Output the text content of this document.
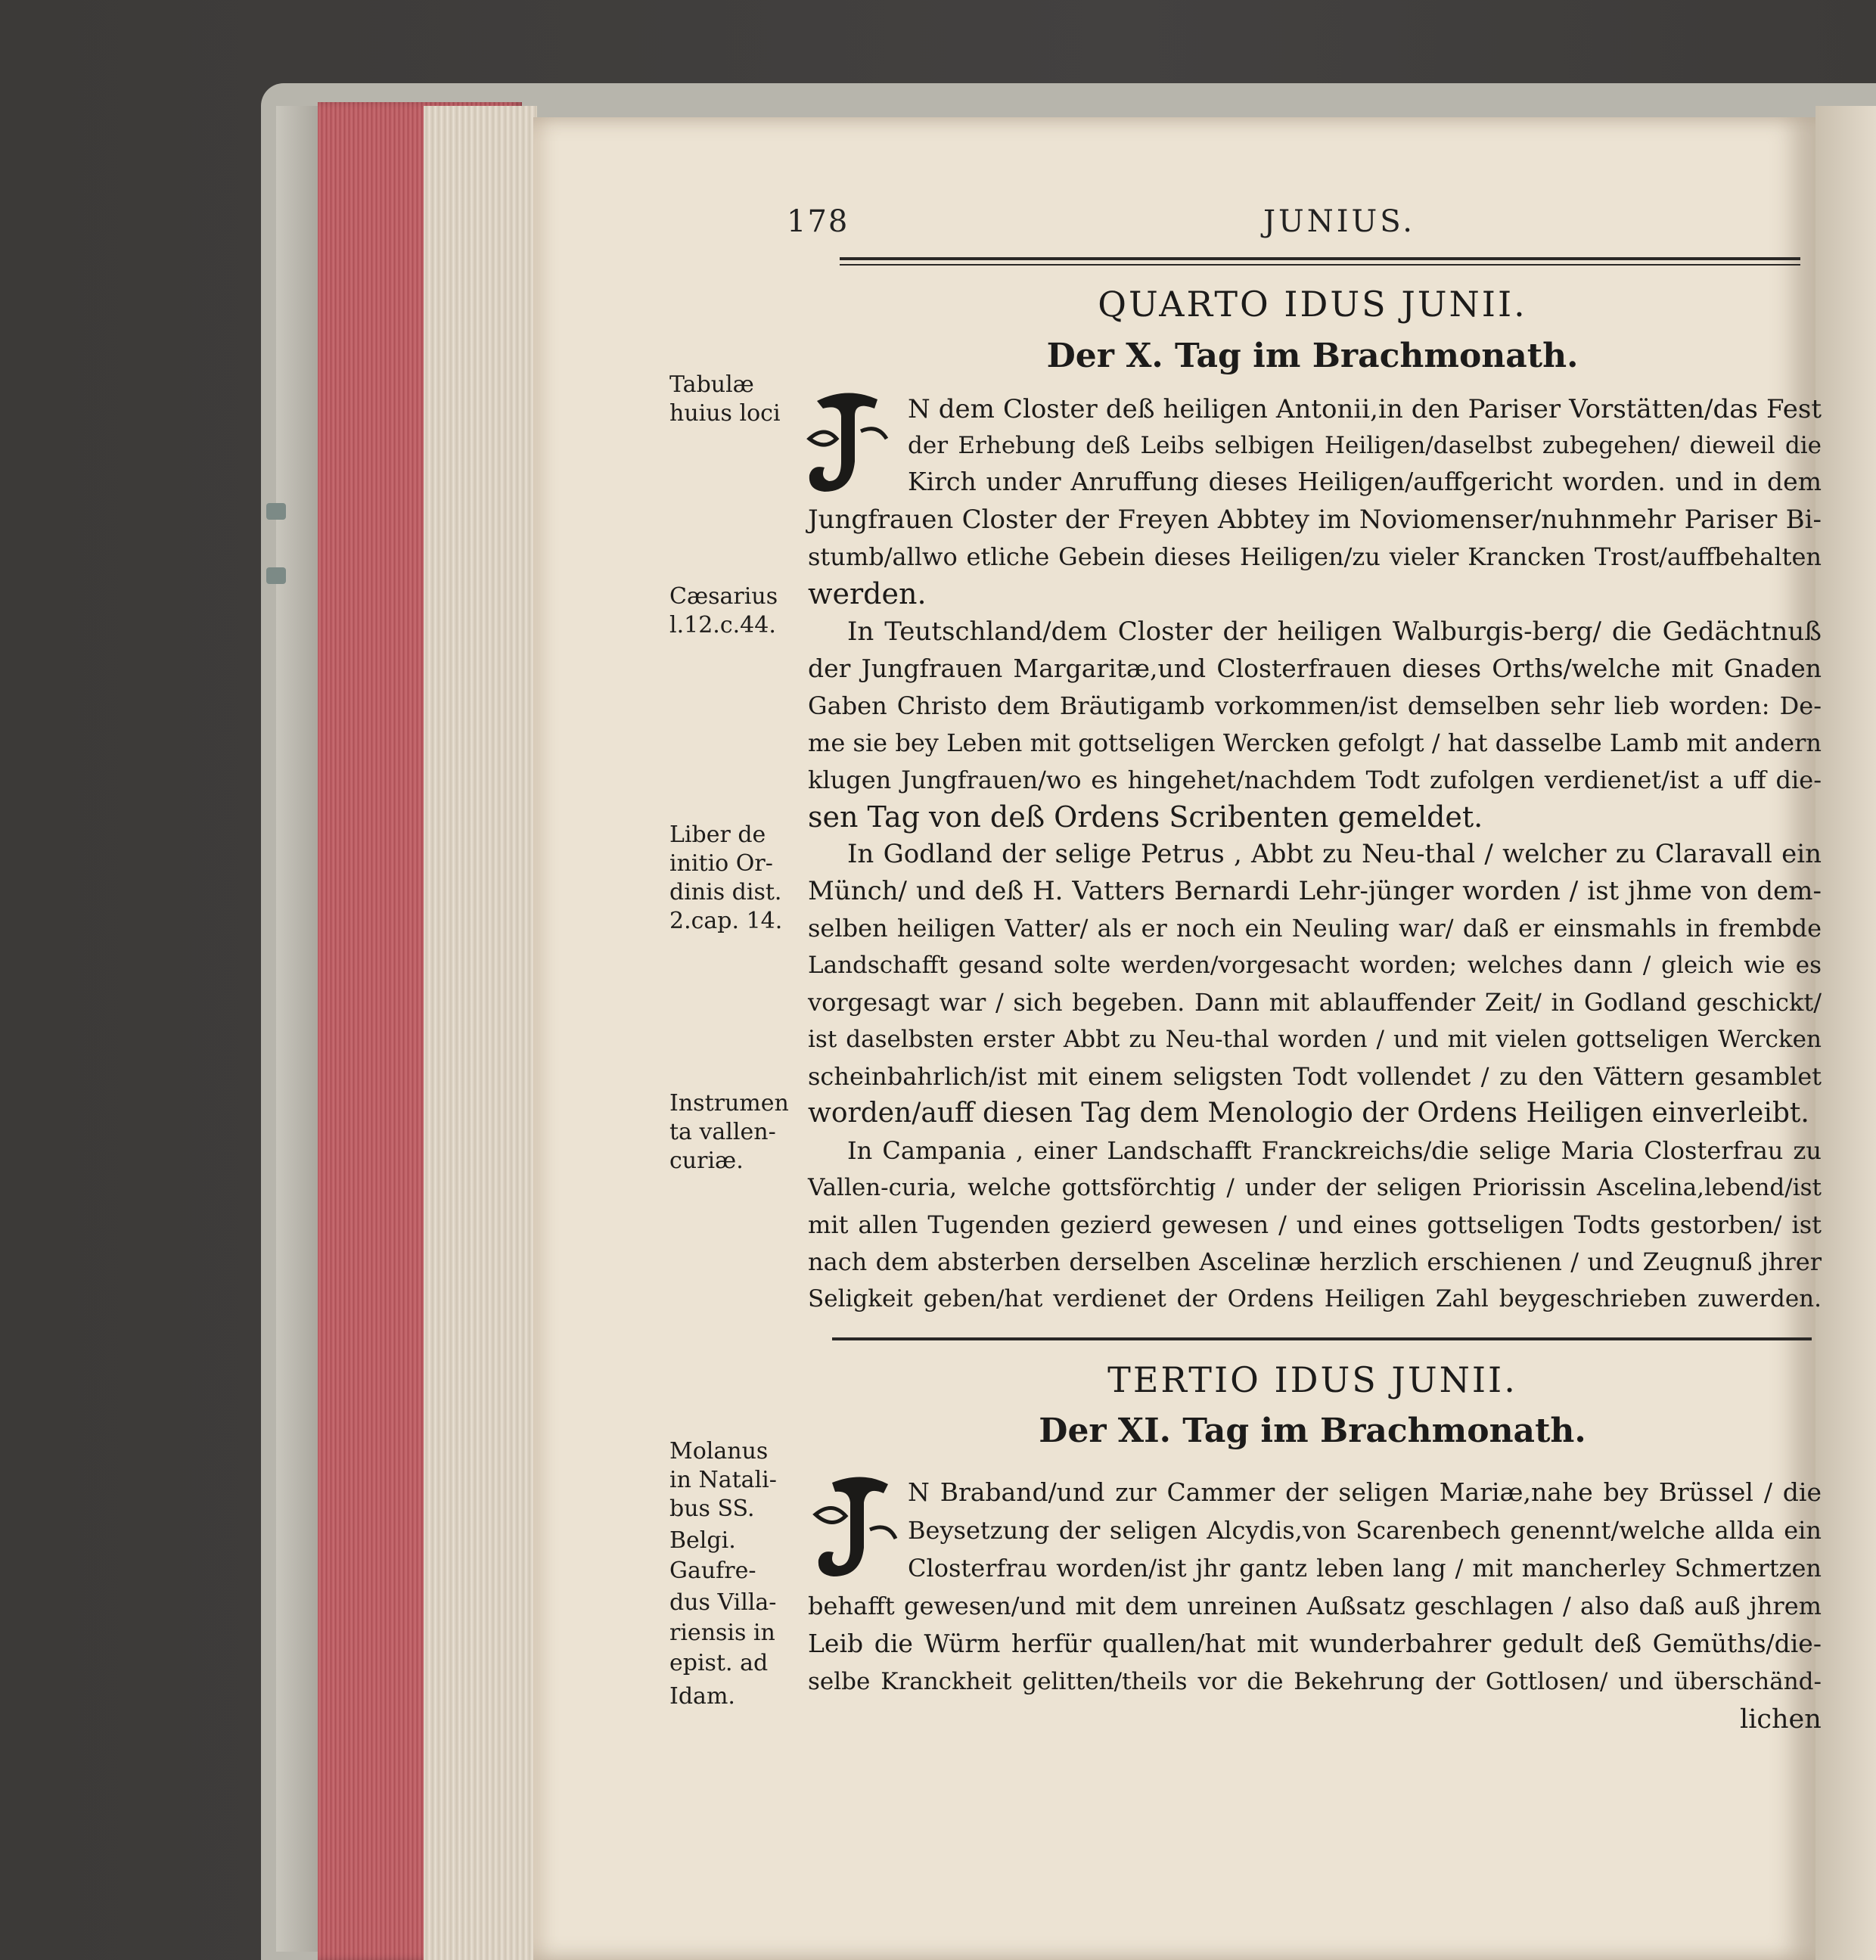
178	JUNIUS.
QUARTO IDUS JUNII.
Der X. Tag im Brachmonath.
N dem Closter deß heiligen Antonii,in den Pariser Vorstätten/das Fest
der Erhebung deß Leibs selbigen Heiligen/daselbst zubegehen/ dieweil die
Kirch under Anruffung dieses Heiligen/auffgericht worden. und in dem
Jungfrauen Closter der Freyen Abbtey im Noviomenser/nuhnmehr Pariser Bi-
stumb/allwo etliche Gebein dieses Heiligen/zu vieler Krancken Trost/auffbehalten
werden.
In Teutschland/dem Closter der heiligen Walburgis-berg/ die Gedächtnuß
der Jungfrauen Margaritæ,und Closterfrauen dieses Orths/welche mit Gnaden
Gaben Christo dem Bräutigamb vorkommen/ist demselben sehr lieb worden: De-
me sie bey Leben mit gottseligen Wercken gefolgt / hat dasselbe Lamb mit andern
klugen Jungfrauen/wo es hingehet/nachdem Todt zufolgen verdienet/ist a uff die-
sen Tag von deß Ordens Scribenten gemeldet.
In Godland der selige Petrus , Abbt zu Neu-thal / welcher zu Claravall ein
Münch/ und deß H. Vatters Bernardi Lehr-jünger worden / ist jhme von dem-
selben heiligen Vatter/ als er noch ein Neuling war/ daß er einsmahls in frembde
Landschafft gesand solte werden/vorgesacht worden; welches dann / gleich wie es
vorgesagt war / sich begeben. Dann mit ablauffender Zeit/ in Godland geschickt/
ist daselbsten erster Abbt zu Neu-thal worden / und mit vielen gottseligen Wercken
scheinbahrlich/ist mit einem seligsten Todt vollendet / zu den Vättern gesamblet
worden/auff diesen Tag dem Menologio der Ordens Heiligen einverleibt.
In Campania , einer Landschafft Franckreichs/die selige Maria Closterfrau zu
Vallen-curia, welche gottsförchtig / under der seligen Priorissin Ascelina,lebend/ist
mit allen Tugenden gezierd gewesen / und eines gottseligen Todts gestorben/ ist
nach dem absterben derselben Ascelinæ herzlich erschienen / und Zeugnuß jhrer
Seligkeit geben/hat verdienet der Ordens Heiligen Zahl beygeschrieben zuwerden.
Tabulæ
huius loci
Cæsarius
l.12.c.44.
Liber de
initio Or-
dinis dist.
2.cap. 14.
Instrumen
ta vallen-
curiæ.
TERTIO IDUS JUNII.
Der XI. Tag im Brachmonath.
N Braband/und zur Cammer der seligen Mariæ,nahe bey Brüssel / die
Beysetzung der seligen Alcydis,von Scarenbech genennt/welche allda ein
Closterfrau worden/ist jhr gantz leben lang / mit mancherley Schmertzen
behafft gewesen/und mit dem unreinen Außsatz geschlagen / also daß auß jhrem
Leib die Würm herfür quallen/hat mit wunderbahrer gedult deß Gemüths/die-
selbe Kranckheit gelitten/theils vor die Bekehrung der Gottlosen/ und überschänd-
lichen
Molanus
in Natali-
bus SS.
Belgi.
Gaufre-
dus Villa-
riensis in
epist. ad
Idam.
